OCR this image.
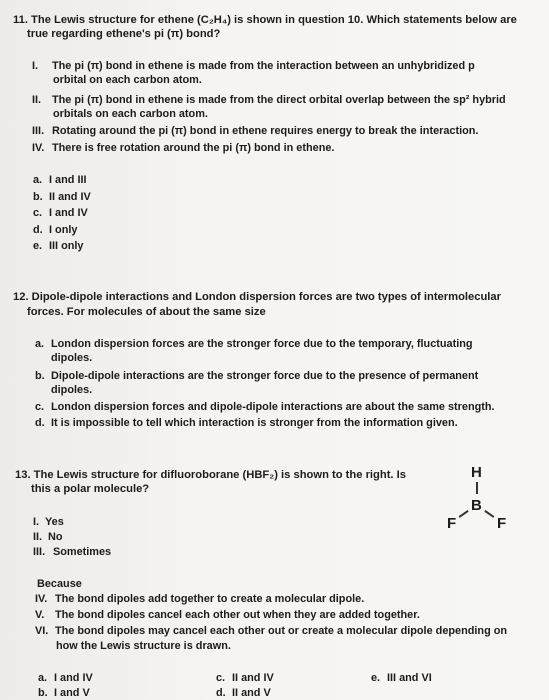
11. The Lewis structure for ethene (C₂H₄) is shown in question 10. Which statements below are
true regarding ethene's pi (π) bond?
I. The pi (π) bond in ethene is made from the interaction between an unhybridized p
orbital on each carbon atom.
II. The pi (π) bond in ethene is made from the direct orbital overlap between the sp² hybrid
orbitals on each carbon atom.
III. Rotating around the pi (π) bond in ethene requires energy to break the interaction.
IV. There is free rotation around the pi (π) bond in ethene.
a. I and III
b. II and IV
c. I and IV
d. I only
e. III only
12. Dipole-dipole interactions and London dispersion forces are two types of intermolecular
forces. For molecules of about the same size
a. London dispersion forces are the stronger force due to the temporary, fluctuating
dipoles.
b. Dipole-dipole interactions are the stronger force due to the presence of permanent
dipoles.
c. London dispersion forces and dipole-dipole interactions are about the same strength.
d. It is impossible to tell which interaction is stronger from the information given.
13. The Lewis structure for difluoroborane (HBF₂) is shown to the right. Is
this a polar molecule?
H
B
F	F
I. Yes
II. No
III. Sometimes
Because
IV. The bond dipoles add together to create a molecular dipole.
V. The bond dipoles cancel each other out when they are added together.
VI. The bond dipoles may cancel each other out or create a molecular dipole depending on
how the Lewis structure is drawn.
a. I and IV
b. I and V
c. II and IV
d. II and V
e. III and VI
